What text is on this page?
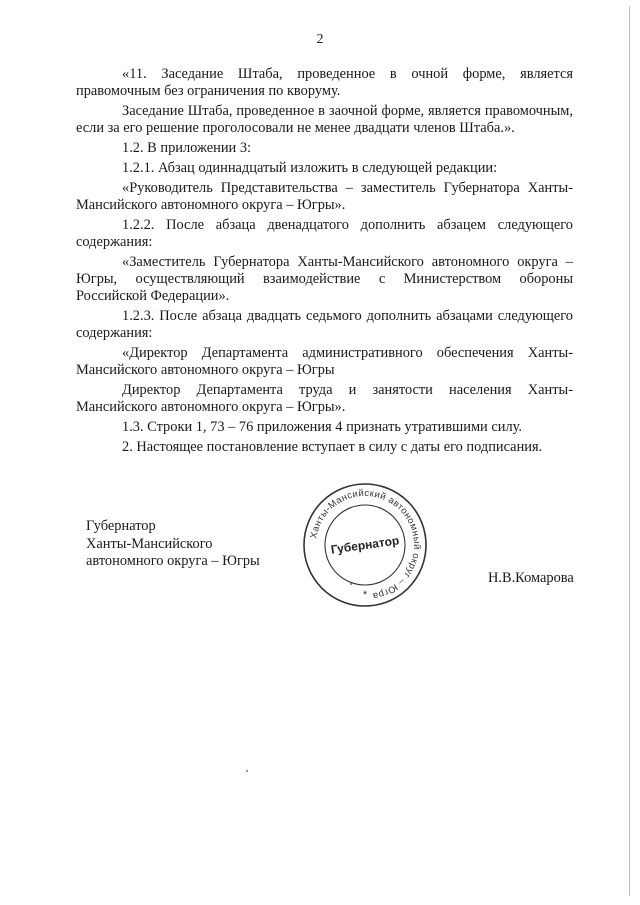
2

«11. Заседание Штаба, проведенное в очной форме, является правомочным без ограничения по кворуму.

Заседание Штаба, проведенное в заочной форме, является правомочным, если за его решение проголосовали не менее двадцати членов Штаба.».

1.2. В приложении 3:

1.2.1. Абзац одиннадцатый изложить в следующей редакции:

«Руководитель Представительства – заместитель Губернатора Ханты-Мансийского автономного округа – Югры».

1.2.2. После абзаца двенадцатого дополнить абзацем следующего содержания:

«Заместитель Губернатора Ханты-Мансийского автономного округа – Югры, осуществляющий взаимодействие с Министерством обороны Российской Федерации».

1.2.3. После абзаца двадцать седьмого дополнить абзацами следующего содержания:

«Директор Департамента административного обеспечения Ханты-Мансийского автономного округа – Югры

Директор Департамента труда и занятости населения Ханты-Мансийского автономного округа – Югры».

1.3. Строки 1, 73 – 76 приложения 4 признать утратившими силу.

2. Настоящее постановление вступает в силу с даты его подписания.

Губернатор
Ханты-Мансийского
автономного округа – Югры
Ханты-Мансийский автономный округ – Югра
Губернатор
*
Н.В.Комарова
